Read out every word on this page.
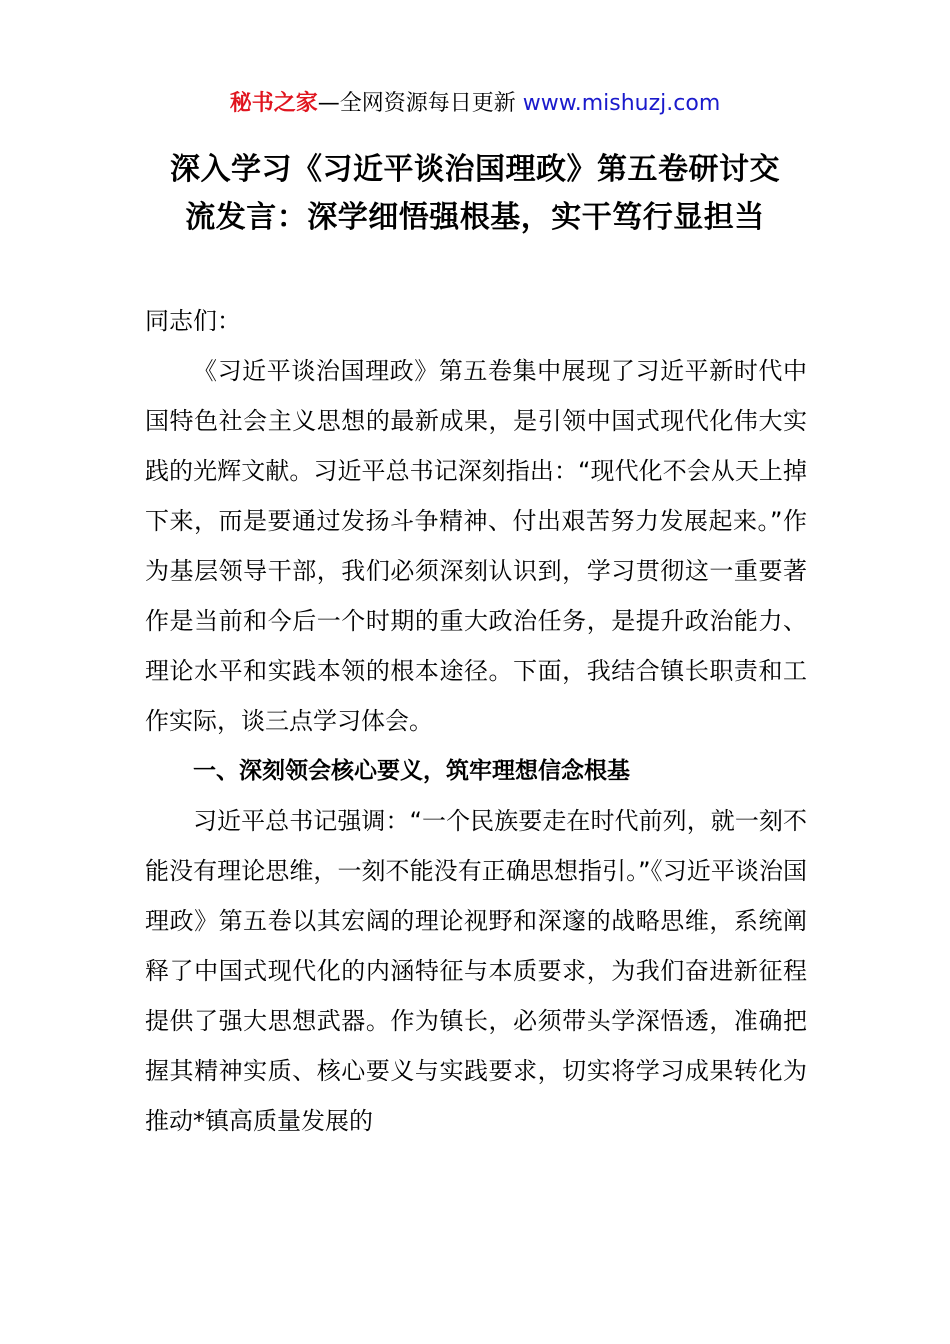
秘书之家—全网资源每日更新 www.mishuzj.com
深入学习《习近平谈治国理政》第五卷研讨交
流发言：深学细悟强根基，实干笃行显担当

同志们：

《习近平谈治国理政》第五卷集中展现了习近平新时代中国特色社会主义思想的最新成果，是引领中国式现代化伟大实践的光辉文献。习近平总书记深刻指出：“现代化不会从天上掉下来，而是要通过发扬斗争精神、付出艰苦努力发展起来。”作为基层领导干部，我们必须深刻认识到，学习贯彻这一重要著作是当前和今后一个时期的重大政治任务，是提升政治能力、理论水平和实践本领的根本途径。下面，我结合镇长职责和工作实际，谈三点学习体会。

一、深刻领会核心要义，筑牢理想信念根基

习近平总书记强调：“一个民族要走在时代前列，就一刻不能没有理论思维，一刻不能没有正确思想指引。”《习近平谈治国理政》第五卷以其宏阔的理论视野和深邃的战略思维，系统阐释了中国式现代化的内涵特征与本质要求，为我们奋进新征程提供了强大思想武器。作为镇长，必须带头学深悟透，准确把握其精神实质、核心要义与实践要求，切实将学习成果转化为推动*镇高质量发展的
